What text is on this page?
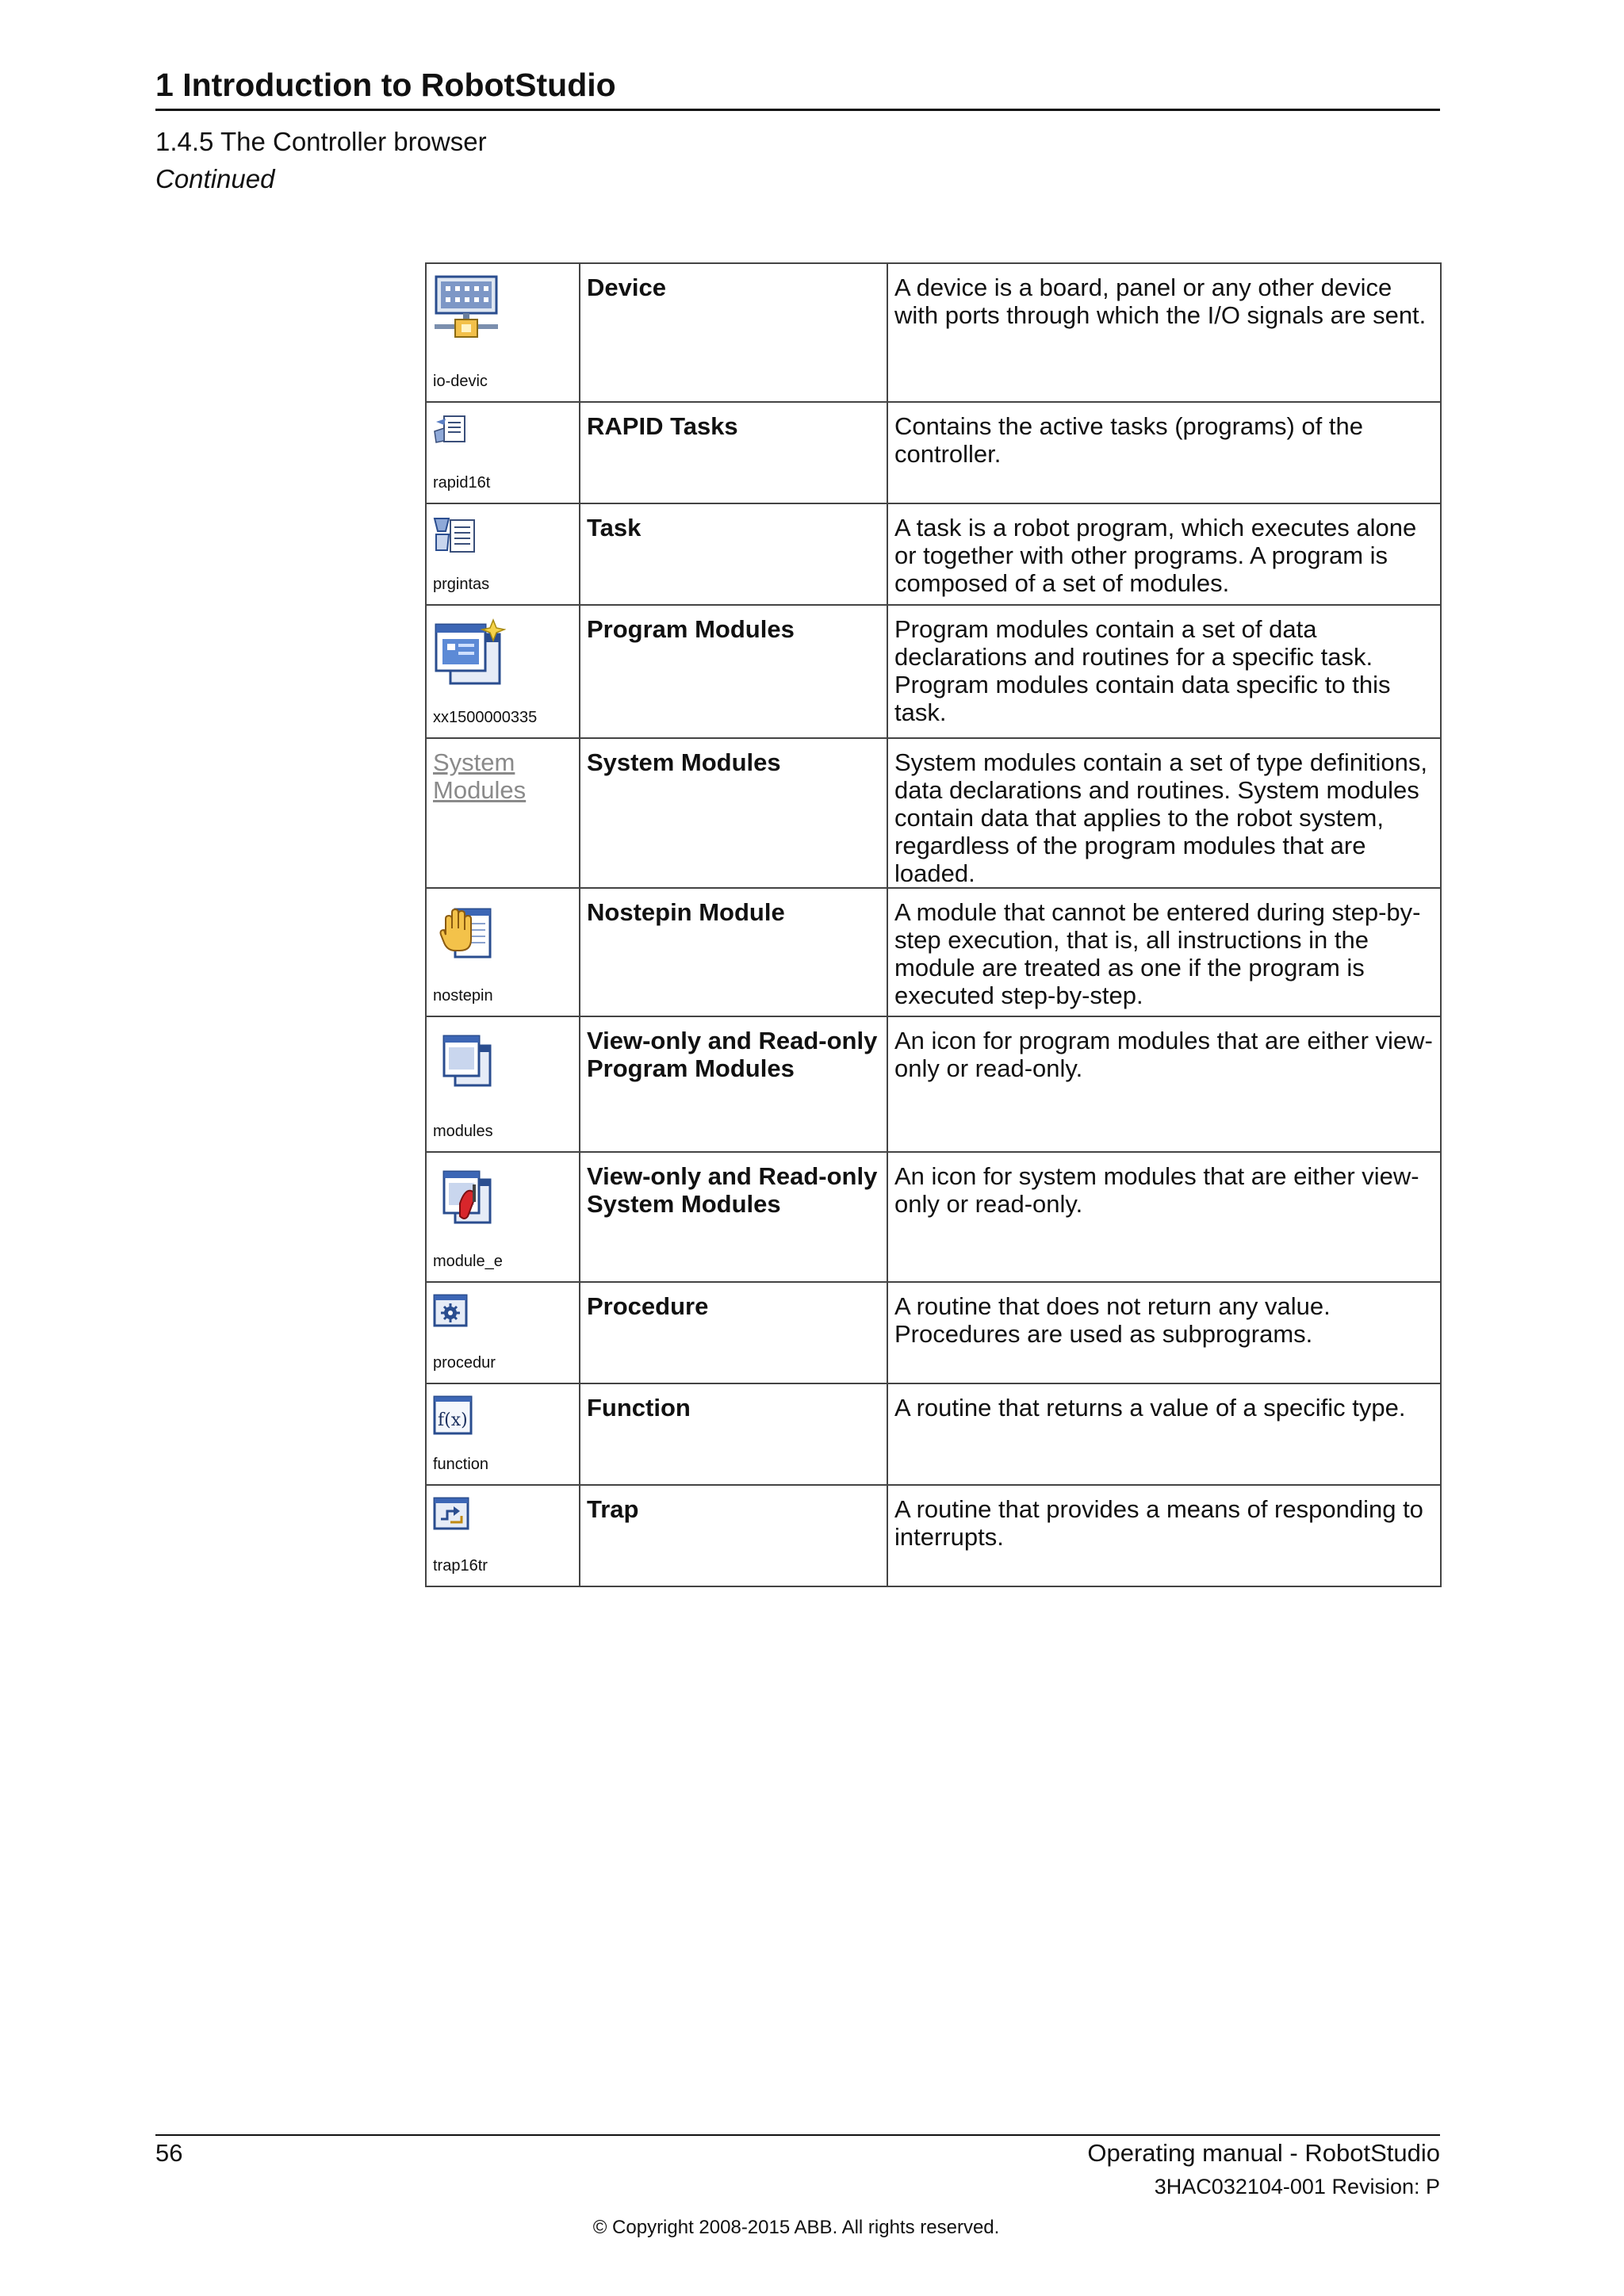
1 Introduction to RobotStudio
1.4.5 The Controller browser
Continued
io-devic	Device	A device is a board, panel or any other device with ports through which the I/O signals are sent.

rapid16t	RAPID Tasks	Contains the active tasks (programs) of the controller.

prgintas	Task	A task is a robot program, which executes alone or together with other programs. A program is composed of a set of modules.

xx1500000335	Program Modules	Program modules contain a set of data declarations and routines for a specific task. Program modules contain data specific to this task.

System Modules	System Modules	System modules contain a set of type definitions, data declarations and routines. System modules contain data that applies to the robot system, regardless of the program modules that are loaded.

nostepin	Nostepin Module	A module that cannot be entered during step-by-step execution, that is, all instructions in the module are treated as one if the program is executed step-by-step.

modules	View-only and Read-only Program Modules	An icon for program modules that are either view-only or read-only.

module_e	View-only and Read-only System Modules	An icon for system modules that are either view-only or read-only.

procedur	Procedure	A routine that does not return any value. Procedures are used as subprograms.

f(x)
function	Function	A routine that returns a value of a specific type.

trap16tr	Trap	A routine that provides a means of responding to interrupts.
56	Operating manual - RobotStudio
3HAC032104-001 Revision: P
© Copyright 2008-2015 ABB. All rights reserved.
